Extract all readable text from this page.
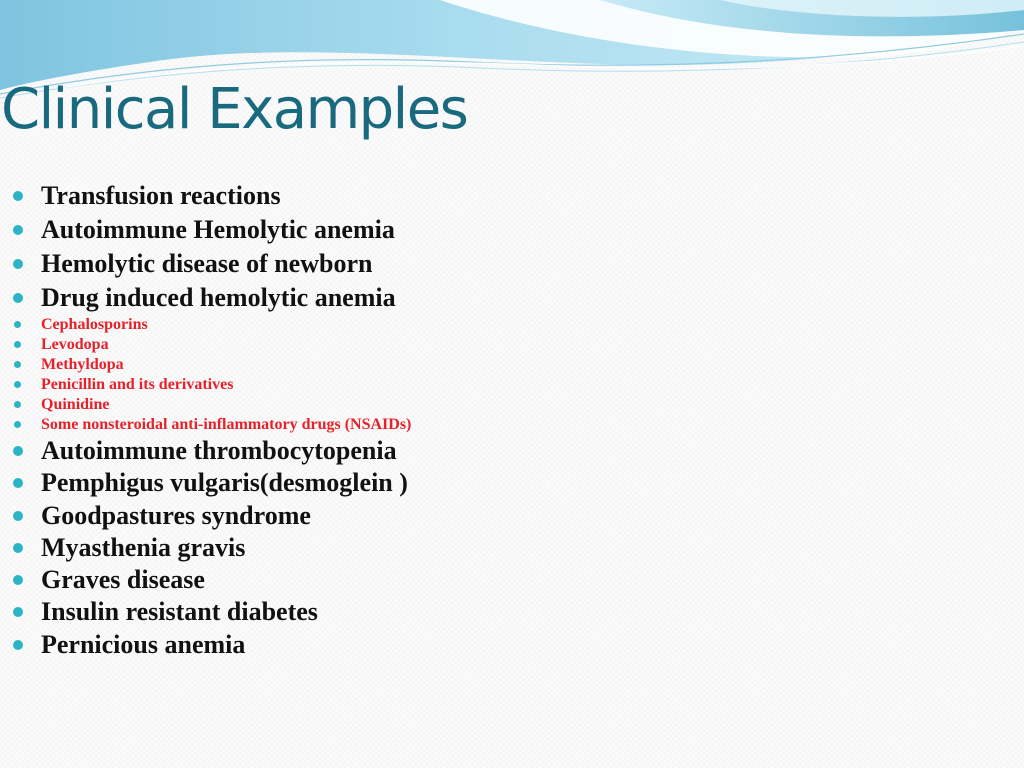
Clinical Examples
Transfusion reactions
Autoimmune Hemolytic anemia
Hemolytic disease of newborn
Drug induced hemolytic anemia
Cephalosporins
Levodopa
Methyldopa
Penicillin and its derivatives
Quinidine
Some nonsteroidal anti-inflammatory drugs (NSAIDs)
Autoimmune thrombocytopenia
Pemphigus vulgaris(desmoglein )
Goodpastures syndrome
Myasthenia gravis
Graves disease
Insulin resistant diabetes
Pernicious anemia
